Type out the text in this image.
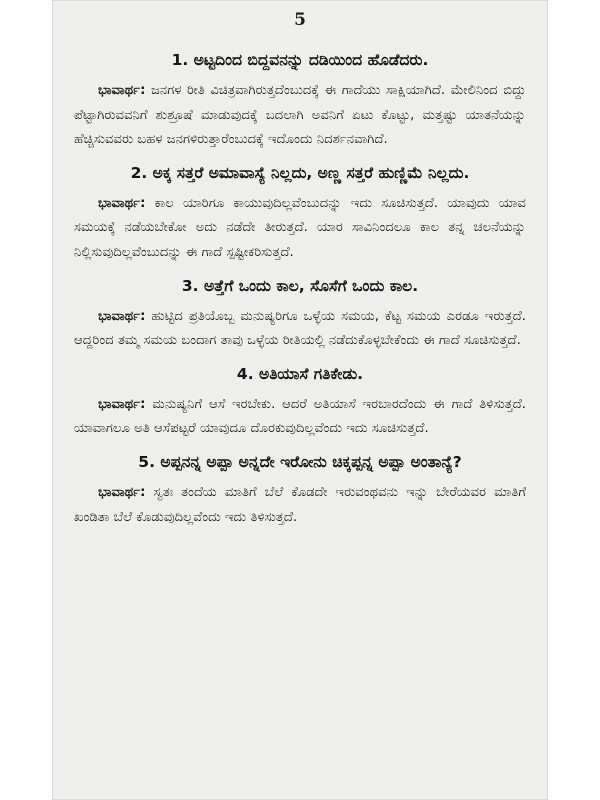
5
1. ಅಟ್ಟದಿಂದ ಬಿದ್ದವನನ್ನು ದಡಿಯಿಂದ ಹೊಡೆದರು.

ಭಾವಾರ್ಥ: ಜನಗಳ ರೀತಿ ವಿಚಿತ್ರವಾಗಿರುತ್ತದೆಂಬುದಕ್ಕೆ ಈ ಗಾದೆಯು ಸಾಕ್ಷಿಯಾಗಿದೆ. ಮೇಲಿನಿಂದ ಬಿದ್ದು ಪೆಟ್ಟಾಗಿರುವವನಿಗೆ ಶುಶ್ರೂಷೆ ಮಾಡುವುದಕ್ಕೆ ಬದಲಾಗಿ ಅವನಿಗೆ ಏಟು ಕೊಟ್ಟು, ಮತ್ತಷ್ಟು ಯಾತನೆಯನ್ನು ಹೆಚ್ಚಿಸುವವರು ಬಹಳ ಜನಗಳಿರುತ್ತಾರೆಂಬುದಕ್ಕೆ ಇದೊಂದು ನಿದರ್ಶನವಾಗಿದೆ.

2. ಅಕ್ಕ ಸತ್ತರೆ ಅಮಾವಾಸ್ಯೆ ನಿಲ್ಲದು, ಅಣ್ಣ ಸತ್ತರೆ ಹುಣ್ಣಿಮೆ ನಿಲ್ಲದು.

ಭಾವಾರ್ಥ: ಕಾಲ ಯಾರಿಗೂ ಕಾಯುವುದಿಲ್ಲವೆಂಬುದನ್ನು ಇದು ಸೂಚಿಸುತ್ತದೆ. ಯಾವುದು ಯಾವ ಸಮಯಕ್ಕೆ ನಡೆಯಬೇಕೋ ಅದು ನಡೆದೇ ತೀರುತ್ತದೆ. ಯಾರ ಸಾವಿನಿಂದಲೂ ಕಾಲ ತನ್ನ ಚಲನೆಯನ್ನು ನಿಲ್ಲಿಸುವುದಿಲ್ಲವೆಂಬುದನ್ನು ಈ ಗಾದೆ ಸ್ಪಷ್ಟೀಕರಿಸುತ್ತದೆ.

3. ಅತ್ತೆಗೆ ಒಂದು ಕಾಲ, ಸೊಸೆಗೆ ಒಂದು ಕಾಲ.

ಭಾವಾರ್ಥ: ಹುಟ್ಟಿದ ಪ್ರತಿಯೊಬ್ಬ ಮನುಷ್ಯರಿಗೂ ಒಳ್ಳೆಯ ಸಮಯ, ಕೆಟ್ಟ ಸಮಯ ಎರಡೂ ಇರುತ್ತದೆ. ಆದ್ದರಿಂದ ತಮ್ಮ ಸಮಯ ಬಂದಾಗ ತಾವು ಒಳ್ಳೆಯ ರೀತಿಯಲ್ಲಿ ನಡೆದುಕೊಳ್ಳಬೇಕೆಂದು ಈ ಗಾದೆ ಸೂಚಿಸುತ್ತದೆ.

4. ಅತಿಯಾಸೆ ಗತಿಕೇಡು.

ಭಾವಾರ್ಥ: ಮನುಷ್ಯನಿಗೆ ಆಸೆ ಇರಬೇಕು. ಆದರೆ ಅತಿಯಾಸೆ ಇರಬಾರದೆಂದು ಈ ಗಾದೆ ತಿಳಿಸುತ್ತದೆ. ಯಾವಾಗಲೂ ಅತಿ ಆಸೆಪಟ್ಟರೆ ಯಾವುದೂ ದೊರಕುವುದಿಲ್ಲವೆಂದು ಇದು ಸೂಚಿಸುತ್ತದೆ.

5. ಅಪ್ಪನನ್ನ ಅಪ್ಪಾ ಅನ್ನದೇ ಇರೋನು ಚಿಕ್ಕಪ್ಪನ್ನ ಅಪ್ಪಾ ಅಂತಾನ್ಯೆ?

ಭಾವಾರ್ಥ: ಸ್ವತಃ ತಂದೆಯ ಮಾತಿಗೆ ಬೆಲೆ ಕೊಡದೇ ಇರುವಂಥವನು ಇನ್ನು ಬೇರೆಯವರ ಮಾತಿಗೆ ಖಂಡಿತಾ ಬೆಲೆ ಕೊಡುವುದಿಲ್ಲವೆಂದು ಇದು ತಿಳಿಸುತ್ತದೆ.
